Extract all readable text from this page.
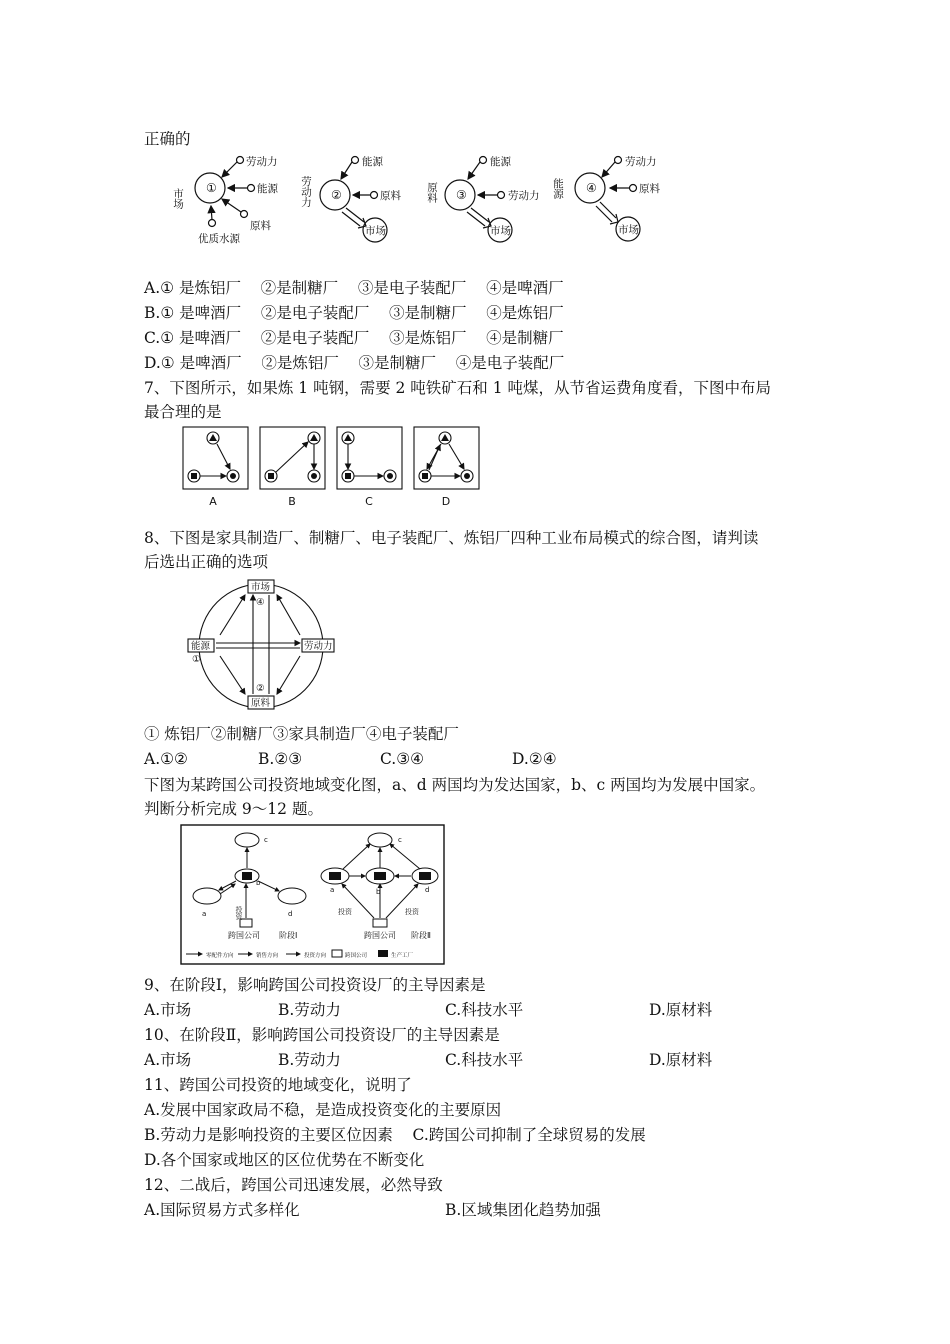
正确的
市场 ①
劳动力
能源
原料
优质水源
劳动力 ②
能源
原料
市场
原料 ③
能源
劳动力
市场
能源 ④
劳动力
原料
市场
A.① 是炼铝厂    ②是制糖厂    ③是电子装配厂    ④是啤酒厂
B.① 是啤酒厂    ②是电子装配厂    ③是制糖厂    ④是炼铝厂
C.① 是啤酒厂    ②是电子装配厂    ③是炼铝厂    ④是制糖厂
D.① 是啤酒厂    ②是炼铝厂    ③是制糖厂    ④是电子装配厂
7、下图所示，如果炼 1 吨钢，需要 2 吨铁矿石和 1 吨煤，从节省运费角度看，下图中布局
最合理的是
A	B	C	D
8、下图是家具制造厂、制糖厂、电子装配厂、炼铝厂四种工业布局模式的综合图，请判读
后选出正确的选项
市场
原料
能源	劳动力
①
②
④
① 炼铝厂②制糖厂③家具制造厂④电子装配厂
A.①②	B.②③	C.③④	D.②④
下图为某跨国公司投资地域变化图，a、d 两国均为发达国家，b、c 两国均为发展中国家。
判断分析完成 9～12 题。
c
a
b
d
c
a	b	d
投资	投资	投资
跨国公司 阶段Ⅰ	跨国公司 阶段Ⅱ
零配件方向	销售方向	投资方向	跨国公司	生产工厂
9、在阶段Ⅰ，影响跨国公司投资设厂的主导因素是
A.市场	B.劳动力	C.科技水平	D.原材料
10、在阶段Ⅱ，影响跨国公司投资设厂的主导因素是
A.市场	B.劳动力	C.科技水平	D.原材料
11、跨国公司投资的地域变化，说明了
A.发展中国家政局不稳，是造成投资变化的主要原因
B.劳动力是影响投资的主要区位因素    C.跨国公司抑制了全球贸易的发展
D.各个国家或地区的区位优势在不断变化
12、二战后，跨国公司迅速发展，必然导致
A.国际贸易方式多样化	B.区域集团化趋势加强
